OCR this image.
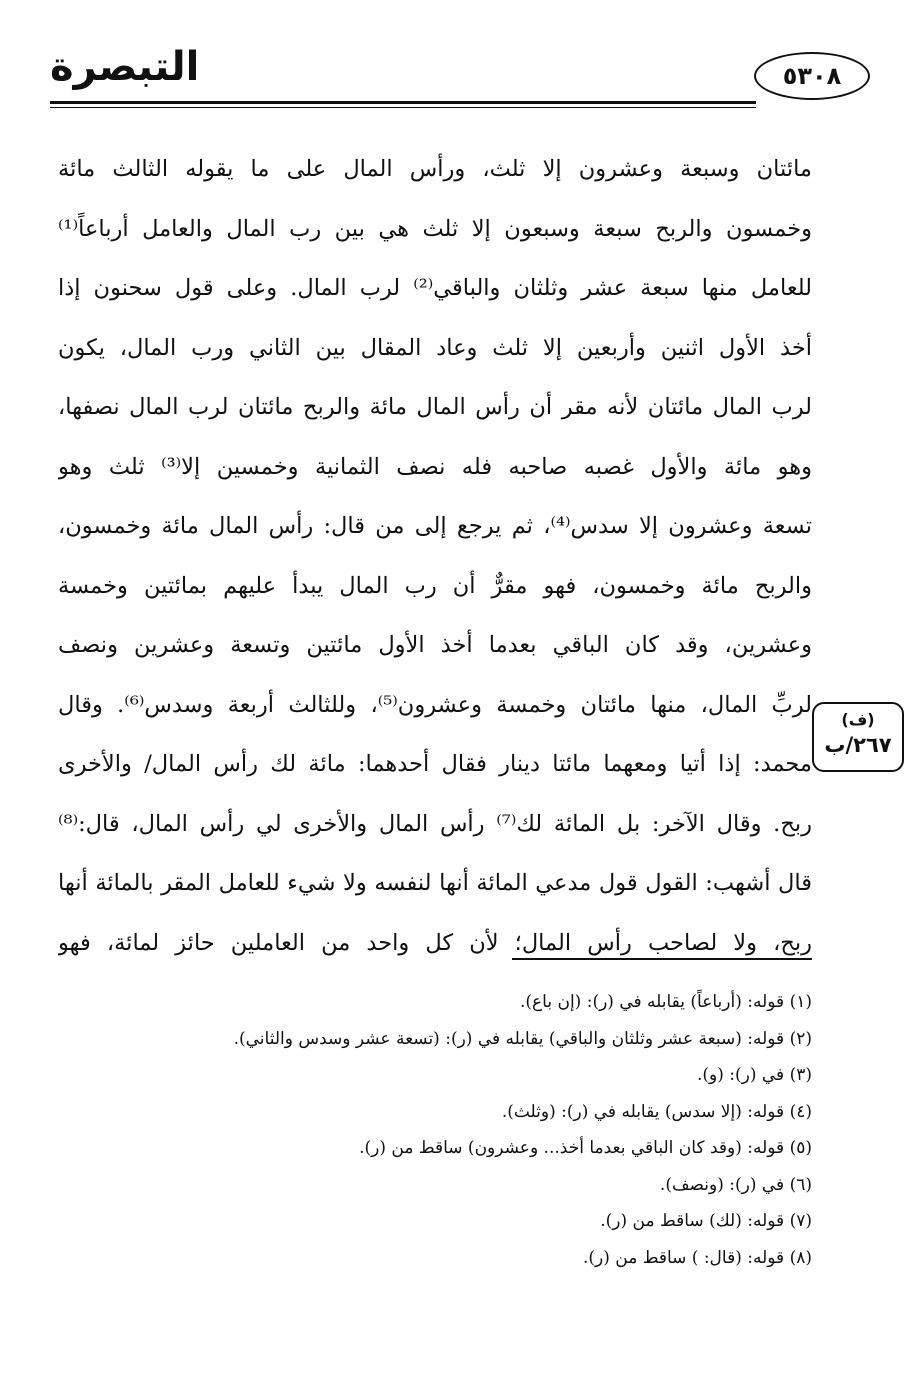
التبصرة	٥٣٠٨
مائتان وسبعة وعشرون إلا ثلث، ورأس المال على ما يقوله الثالث مائة
وخمسون والربح سبعة وسبعون إلا ثلث هي بين رب المال والعامل أرباعاً⁽¹⁾
للعامل منها سبعة عشر وثلثان والباقي⁽²⁾ لرب المال. وعلى قول سحنون إذا
أخذ الأول اثنين وأربعين إلا ثلث وعاد المقال بين الثاني ورب المال، يكون
لرب المال مائتان لأنه مقر أن رأس المال مائة والربح مائتان لرب المال نصفها،
وهو مائة والأول غصبه صاحبه فله نصف الثمانية وخمسين إلا⁽³⁾ ثلث وهو
تسعة وعشرون إلا سدس⁽⁴⁾، ثم يرجع إلى من قال: رأس المال مائة وخمسون،
والربح مائة وخمسون، فهو مقرٌّ أن رب المال يبدأ عليهم بمائتين وخمسة
وعشرين، وقد كان الباقي بعدما أخذ الأول مائتين وتسعة وعشرين ونصف
لربِّ المال، منها مائتان وخمسة وعشرون⁽⁵⁾، وللثالث أربعة وسدس⁽⁶⁾. وقال
محمد: إذا أتيا ومعهما مائتا دينار فقال أحدهما: مائة لك رأس المال/ والأخرى
ربح. وقال الآخر: بل المائة لك⁽⁷⁾ رأس المال والأخرى لي رأس المال، قال:⁽⁸⁾
قال أشهب: القول قول مدعي المائة أنها لنفسه ولا شيء للعامل المقر بالمائة أنها
ربح، ولا لصاحب رأس المال؛ لأن كل واحد من العاملين حائز لمائة، فهو
(ف)
٢٦٧/ب
(١) قوله: (أرباعاً) يقابله في (ر): (إن باع).
(٢) قوله: (سبعة عشر وثلثان والباقي) يقابله في (ر): (تسعة عشر وسدس والثاني).
(٣) في (ر): (و).
(٤) قوله: (إلا سدس) يقابله في (ر): (وثلث).
(٥) قوله: (وقد كان الباقي بعدما أخذ... وعشرون) ساقط من (ر).
(٦) في (ر): (ونصف).
(٧) قوله: (لك) ساقط من (ر).
(٨) قوله: (قال: ) ساقط من (ر).
